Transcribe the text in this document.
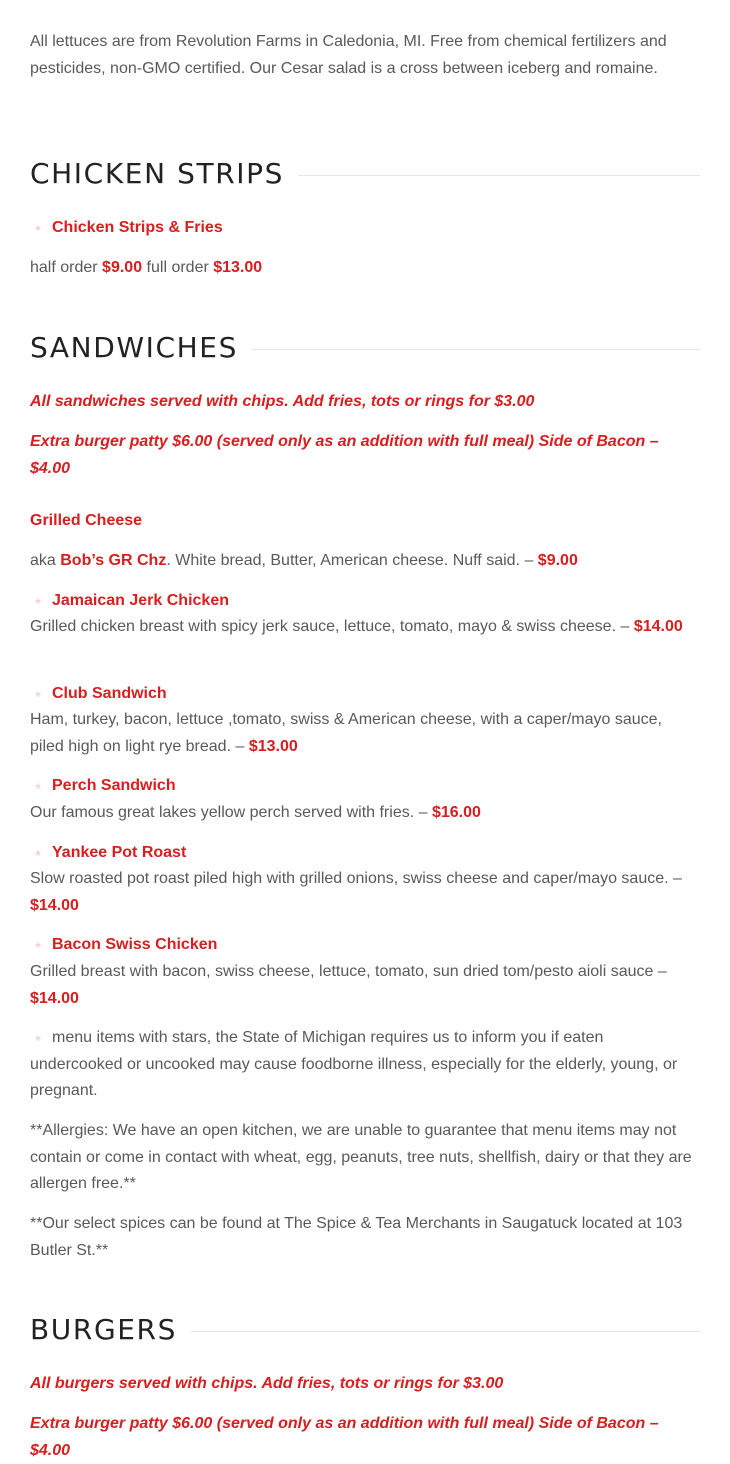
All lettuces are from Revolution Farms in Caledonia, MI. Free from chemical fertilizers and pesticides, non-GMO certified. Our Cesar salad is a cross between iceberg and romaine.

CHICKEN STRIPS
★ Chicken Strips & Fries

half order $9.00 full order $13.00

SANDWICHES

All sandwiches served with chips. Add fries, tots or rings for $3.00

Extra burger patty $6.00 (served only as an addition with full meal) Side of Bacon – $4.00

Grilled Cheese

aka Bob’s GR Chz. White bread, Butter, American cheese. Nuff said. – $9.00

★ Jamaican Jerk Chicken

Grilled chicken breast with spicy jerk sauce, lettuce, tomato, mayo & swiss cheese. – $14.00

★ Club Sandwich

Ham, turkey, bacon, lettuce ,tomato, swiss & American cheese, with a caper/mayo sauce, piled high on light rye bread. – $13.00

★ Perch Sandwich

Our famous great lakes yellow perch served with fries. – $16.00

★ Yankee Pot Roast

Slow roasted pot roast piled high with grilled onions, swiss cheese and caper/mayo sauce. – $14.00

★ Bacon Swiss Chicken

Grilled breast with bacon, swiss cheese, lettuce, tomato, sun dried tom/pesto aioli sauce – $14.00

★ menu items with stars, the State of Michigan requires us to inform you if eaten undercooked or uncooked may cause foodborne illness, especially for the elderly, young, or pregnant.

**Allergies: We have an open kitchen, we are unable to guarantee that menu items may not contain or come in contact with wheat, egg, peanuts, tree nuts, shellfish, dairy or that they are allergen free.**

**Our select spices can be found at The Spice & Tea Merchants in Saugatuck located at 103 Butler St.**

BURGERS

All burgers served with chips. Add fries, tots or rings for $3.00

Extra burger patty $6.00 (served only as an addition with full meal) Side of Bacon – $4.00
